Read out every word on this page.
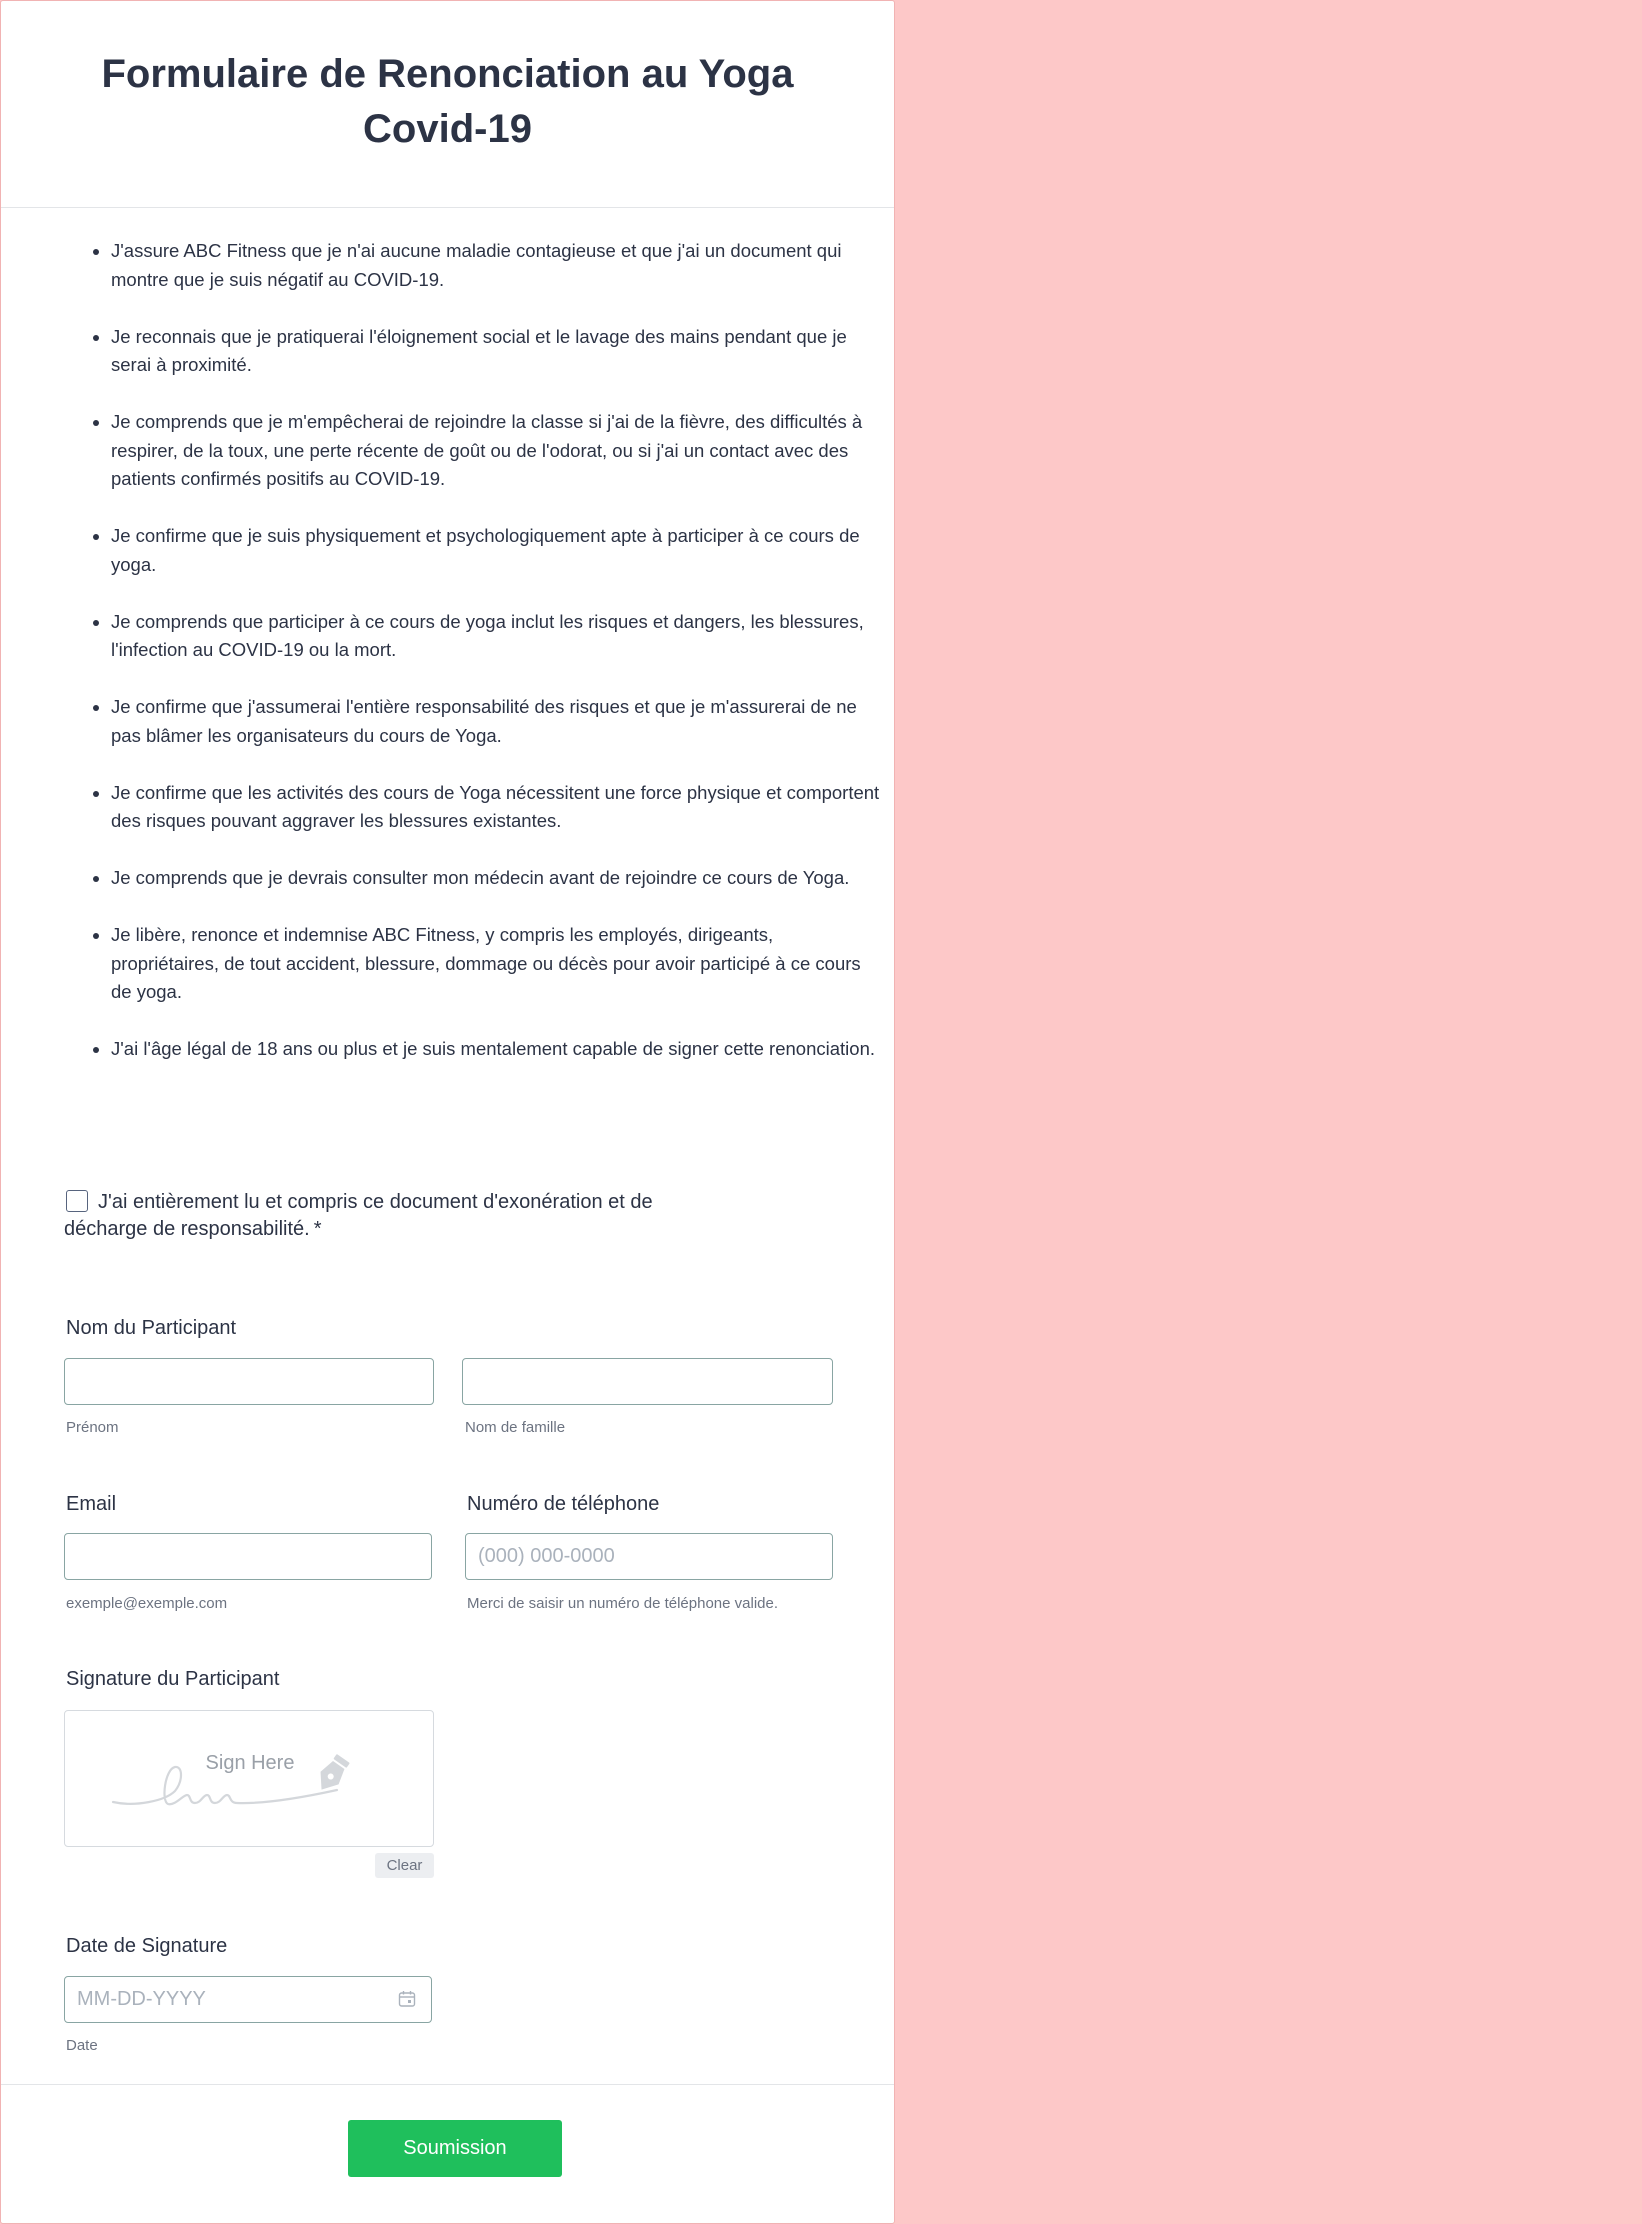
Formulaire de Renonciation au Yoga Covid-19
• J'assure ABC Fitness que je n'ai aucune maladie contagieuse et que j'ai un document qui montre que je suis négatif au COVID-19.
• Je reconnais que je pratiquerai l'éloignement social et le lavage des mains pendant que je serai à proximité.
• Je comprends que je m'empêcherai de rejoindre la classe si j'ai de la fièvre, des difficultés à respirer, de la toux, une perte récente de goût ou de l'odorat, ou si j'ai un contact avec des patients confirmés positifs au COVID-19.
• Je confirme que je suis physiquement et psychologiquement apte à participer à ce cours de yoga.
• Je comprends que participer à ce cours de yoga inclut les risques et dangers, les blessures, l'infection au COVID-19 ou la mort.
• Je confirme que j'assumerai l'entière responsabilité des risques et que je m'assurerai de ne pas blâmer les organisateurs du cours de Yoga.
• Je confirme que les activités des cours de Yoga nécessitent une force physique et comportent des risques pouvant aggraver les blessures existantes.
• Je comprends que je devrais consulter mon médecin avant de rejoindre ce cours de Yoga.
• Je libère, renonce et indemnise ABC Fitness, y compris les employés, dirigeants, propriétaires, de tout accident, blessure, dommage ou décès pour avoir participé à ce cours de yoga.
• J'ai l'âge légal de 18 ans ou plus et je suis mentalement capable de signer cette renonciation.
J'ai entièrement lu et compris ce document d'exonération et de décharge de responsabilité. *

Nom du Participant

Prénom	Nom de famille

Email

exemple@exemple.com

Numéro de téléphone

(000) 000-0000

Merci de saisir un numéro de téléphone valide.

Signature du Participant

Sign Here
Clear

Date de Signature

MM-DD-YYYY

Date

Soumission
